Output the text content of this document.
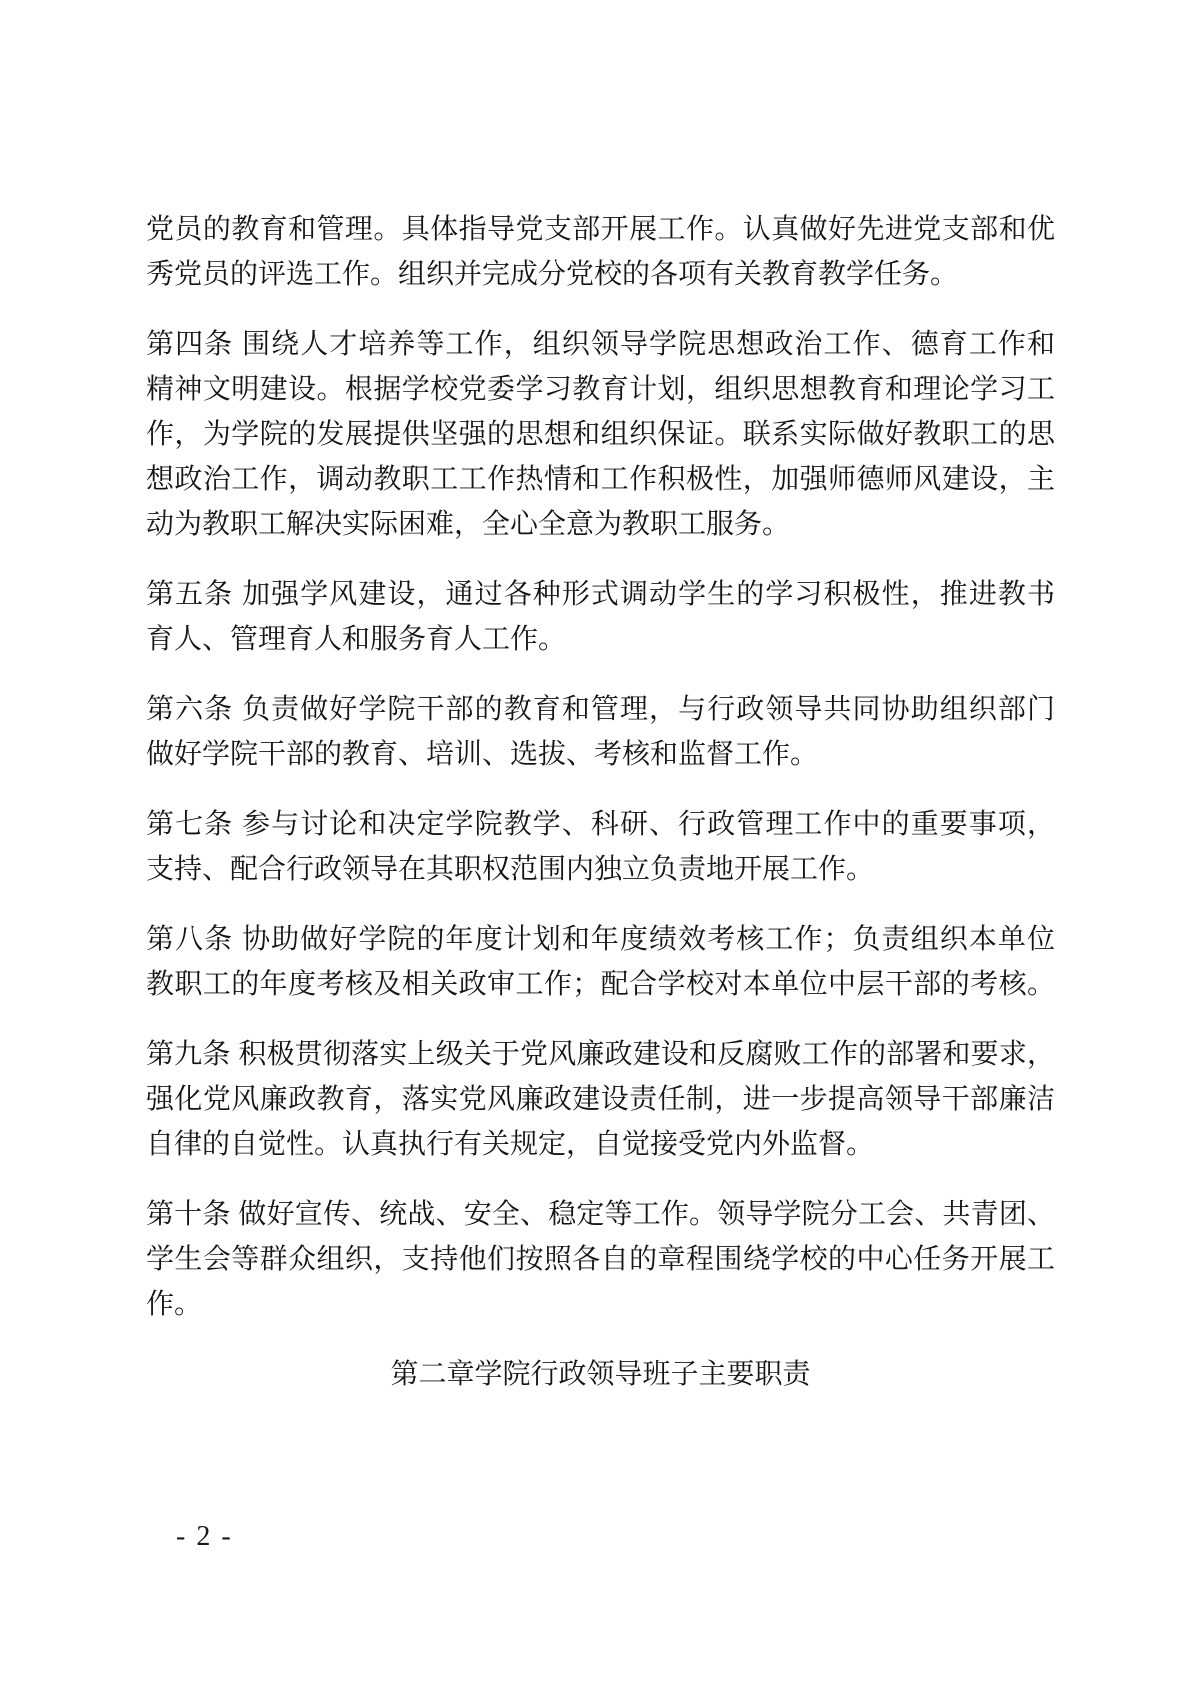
党员的教育和管理。具体指导党支部开展工作。认真做好先进党支部和优
秀党员的评选工作。组织并完成分党校的各项有关教育教学任务。
第四条 围绕人才培养等工作，组织领导学院思想政治工作、德育工作和
精神文明建设。根据学校党委学习教育计划，组织思想教育和理论学习工
作，为学院的发展提供坚强的思想和组织保证。联系实际做好教职工的思
想政治工作，调动教职工工作热情和工作积极性，加强师德师风建设，主
动为教职工解决实际困难，全心全意为教职工服务。
第五条 加强学风建设，通过各种形式调动学生的学习积极性，推进教书
育人、管理育人和服务育人工作。
第六条 负责做好学院干部的教育和管理，与行政领导共同协助组织部门
做好学院干部的教育、培训、选拔、考核和监督工作。
第七条 参与讨论和决定学院教学、科研、行政管理工作中的重要事项，
支持、配合行政领导在其职权范围内独立负责地开展工作。
第八条 协助做好学院的年度计划和年度绩效考核工作；负责组织本单位
教职工的年度考核及相关政审工作；配合学校对本单位中层干部的考核。
第九条 积极贯彻落实上级关于党风廉政建设和反腐败工作的部署和要求，
强化党风廉政教育，落实党风廉政建设责任制，进一步提高领导干部廉洁
自律的自觉性。认真执行有关规定，自觉接受党内外监督。
第十条 做好宣传、统战、安全、稳定等工作。领导学院分工会、共青团、
学生会等群众组织，支持他们按照各自的章程围绕学校的中心任务开展工
作。
第二章学院行政领导班子主要职责
- 2 -
